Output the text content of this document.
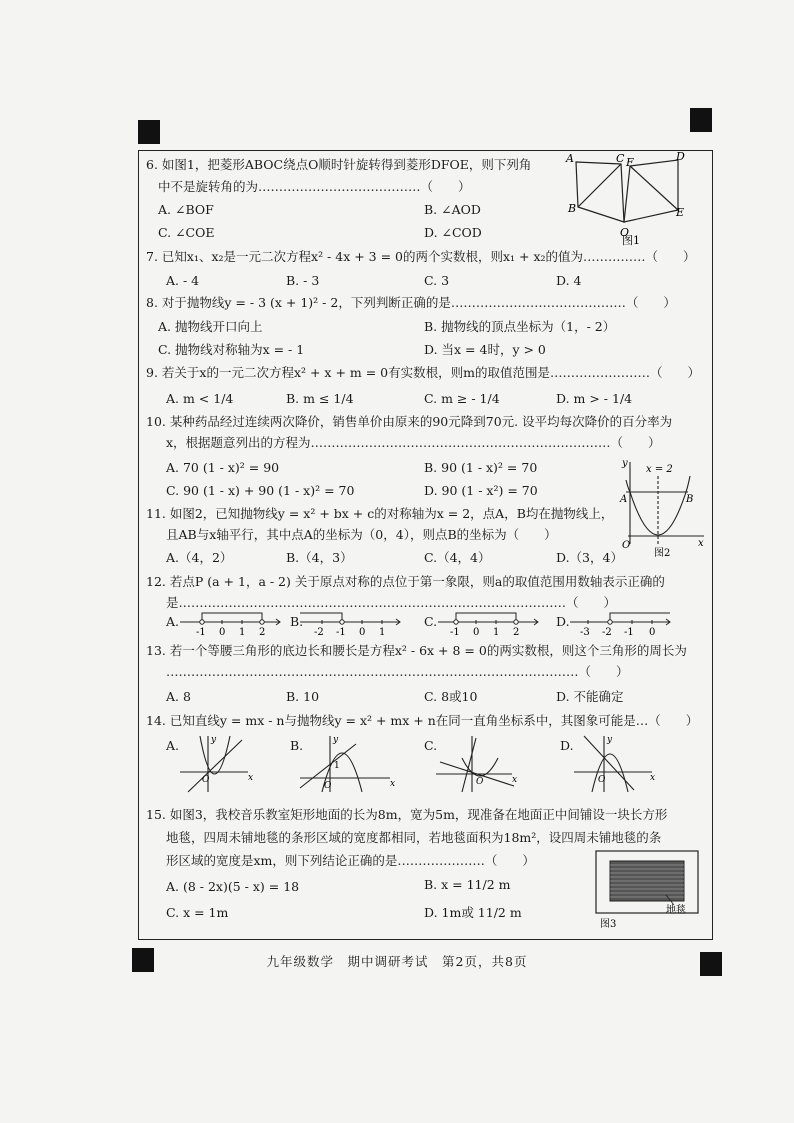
6. 如图1，把菱形ABOC绕点O顺时针旋转得到菱形DFOE，则下列角
中不是旋转角的为…………………………………（　　）
A. ∠BOF	B. ∠AOD
C. ∠COE	D. ∠COD
A	C F	D
B
O
E
图1
7. 已知x₁、x₂是一元二次方程x² - 4x + 3 = 0的两个实数根，则x₁ + x₂的值为……………（　　）
A. - 4	B. - 3	C. 3	D. 4
8. 对于抛物线y = - 3 (x + 1)² - 2，下列判断正确的是……………………………………（　　）
A. 抛物线开口向上	B. 抛物线的顶点坐标为（1，- 2）
C. 抛物线对称轴为x = - 1	D. 当x = 4时，y > 0
9. 若关于x的一元二次方程x² + x + m = 0有实数根，则m的取值范围是……………………（　　）
A. m < 1/4	B. m ≤ 1/4	C. m ≥ - 1/4	D. m > - 1/4
10. 某种药品经过连续两次降价，销售单价由原来的90元降到70元. 设平均每次降价的百分率为
x，根据题意列出的方程为………………………………………………………………（　　）
A. 70 (1 - x)² = 90	B. 90 (1 - x)² = 70
C. 90 (1 - x) + 90 (1 - x)² = 70	D. 90 (1 - x²) = 70
y
x = 2
A	B
O	x
图2
11. 如图2，已知抛物线y = x² + bx + c的对称轴为x = 2，点A，B均在抛物线上，
且AB与x轴平行，其中点A的坐标为（0，4），则点B的坐标为（　　）
A.（4，2）	B.（4，3）	C.（4，4）	D.（3，4）
12. 若点P (a + 1，a - 2) 关于原点对称的点位于第一象限，则a的取值范围用数轴表示正确的
是…………………………………………………………………………………（　　）
A.
-1 0 1 2
B.
-2 -1 0 1
C.
-1 0 1 2
D.
-3 -2 -1 0
13. 若一个等腰三角形的底边长和腰长是方程x² - 6x + 8 = 0的两实数根，则这个三角形的周长为
………………………………………………………………………………………（　　）
A. 8	B. 10	C. 8或10	D. 不能确定
14. 已知直线y = mx - n与抛物线y = x² + mx + n在同一直角坐标系中，其图象可能是…（　　）
A.	y
x
O
B.	y
x
O
1
C.
x
O
D.	y
x
O
15. 如图3，我校音乐教室矩形地面的长为8m，宽为5m，现准备在地面正中间铺设一块长方形
地毯，四周未铺地毯的条形区域的宽度都相同，若地毯面积为18m²，设四周未铺地毯的条
形区域的宽度是xm，则下列结论正确的是…………………（　　）
A. (8 - 2x)(5 - x) = 18	B. x = 11/2 m
C. x = 1m	D. 1m或 11/2 m	地毯
图3
九年级数学　期中调研考试　第2页，共8页
